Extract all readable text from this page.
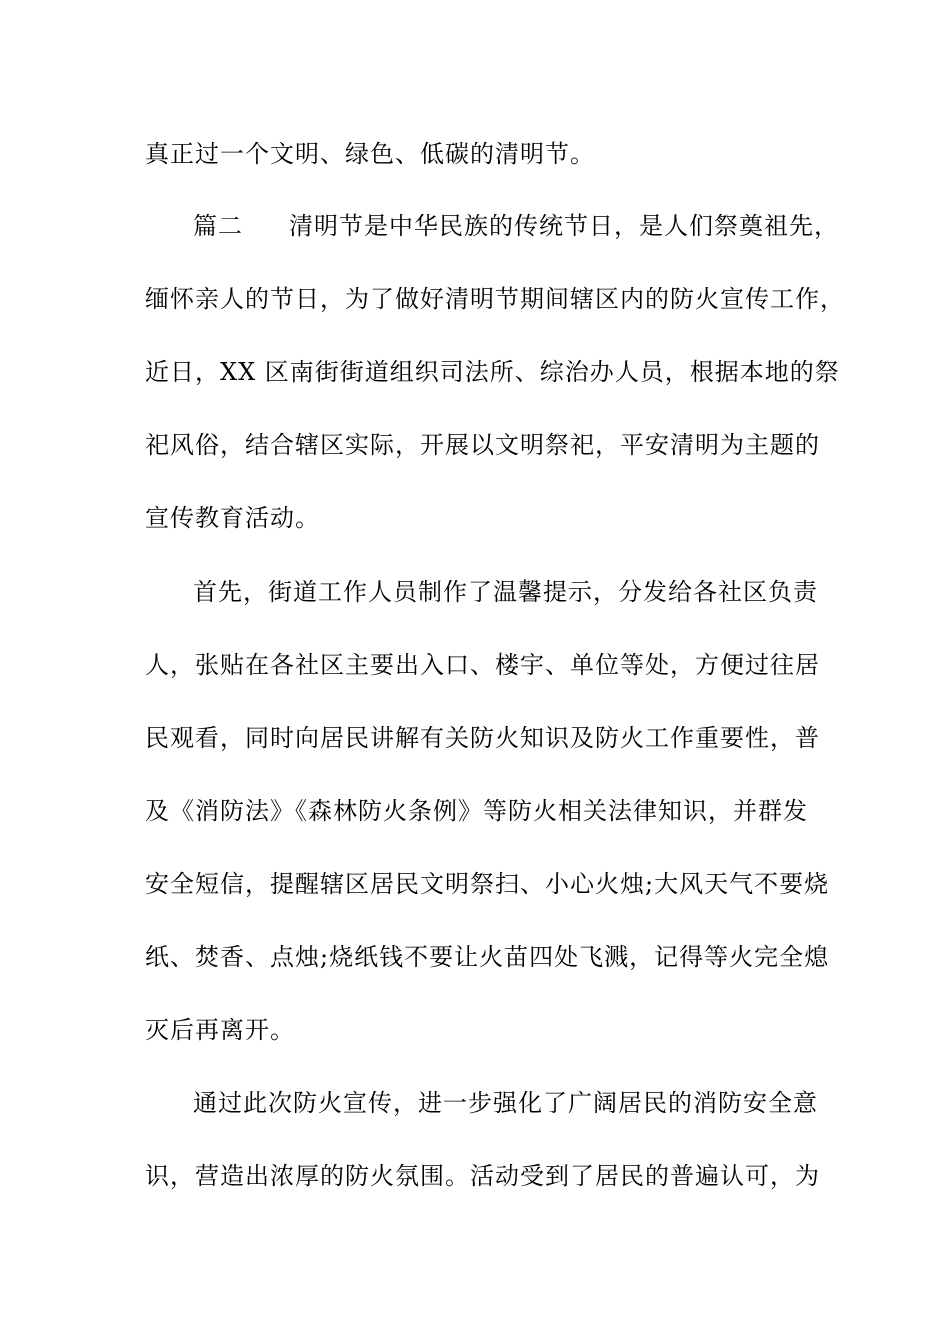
真正过一个文明、绿色、低碳的清明节。
篇二 清明节是中华民族的传统节日，是人们祭奠祖先，
缅怀亲人的节日，为了做好清明节期间辖区内的防火宣传工作，
近日，XX 区南街街道组织司法所、综治办人员，根据本地的祭
祀风俗，结合辖区实际，开展以文明祭祀，平安清明为主题的
宣传教育活动。
首先，街道工作人员制作了温馨提示，分发给各社区负责
人，张贴在各社区主要出入口、楼宇、单位等处，方便过往居
民观看，同时向居民讲解有关防火知识及防火工作重要性，普
及《消防法》《森林防火条例》等防火相关法律知识，并群发
安全短信，提醒辖区居民文明祭扫、小心火烛;大风天气不要烧
纸、焚香、点烛;烧纸钱不要让火苗四处飞溅，记得等火完全熄
灭后再离开。
通过此次防火宣传，进一步强化了广阔居民的消防安全意
识，营造出浓厚的防火氛围。活动受到了居民的普遍认可，为
